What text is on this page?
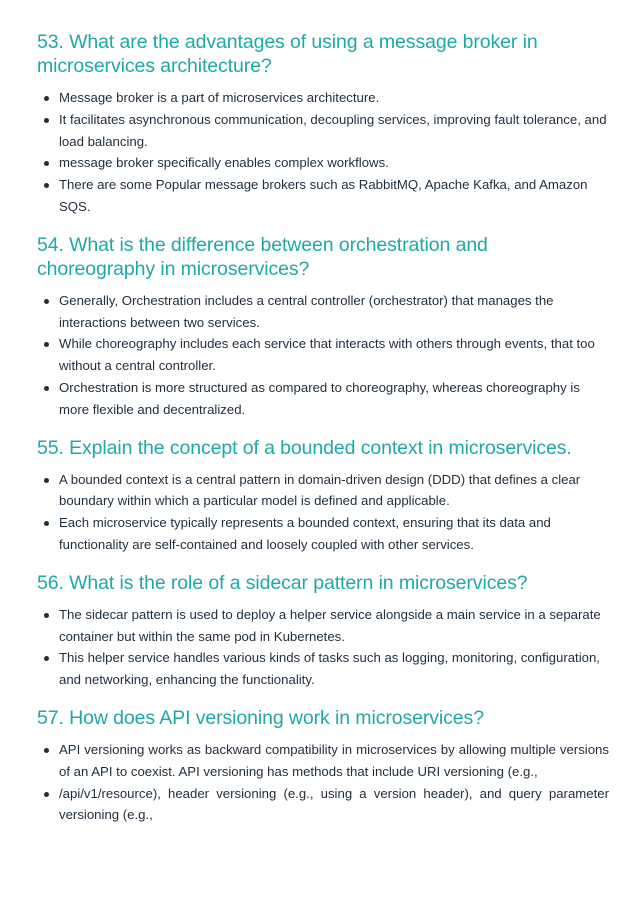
53. What are the advantages of using a message broker in microservices architecture?
Message broker is a part of microservices architecture.
It facilitates asynchronous communication, decoupling services, improving fault tolerance, and load balancing.
message broker specifically enables complex workflows.
There are some Popular message brokers such as RabbitMQ, Apache Kafka, and Amazon SQS.
54. What is the difference between orchestration and choreography in microservices?
Generally, Orchestration includes a central controller (orchestrator) that manages the interactions between two services.
While choreography includes each service that interacts with others through events, that too without a central controller.
Orchestration is more structured as compared to choreography, whereas choreography is more flexible and decentralized.
55. Explain the concept of a bounded context in microservices.
A bounded context is a central pattern in domain-driven design (DDD) that defines a clear boundary within which a particular model is defined and applicable.
Each microservice typically represents a bounded context, ensuring that its data and functionality are self-contained and loosely coupled with other services.
56. What is the role of a sidecar pattern in microservices?
The sidecar pattern is used to deploy a helper service alongside a main service in a separate container but within the same pod in Kubernetes.
This helper service handles various kinds of tasks such as logging, monitoring, configuration, and networking, enhancing the functionality.
57. How does API versioning work in microservices?
API versioning works as backward compatibility in microservices by allowing multiple versions of an API to coexist. API versioning has methods that include URI versioning (e.g.,
/api/v1/resource), header versioning (e.g., using a version header), and query parameter versioning (e.g.,
